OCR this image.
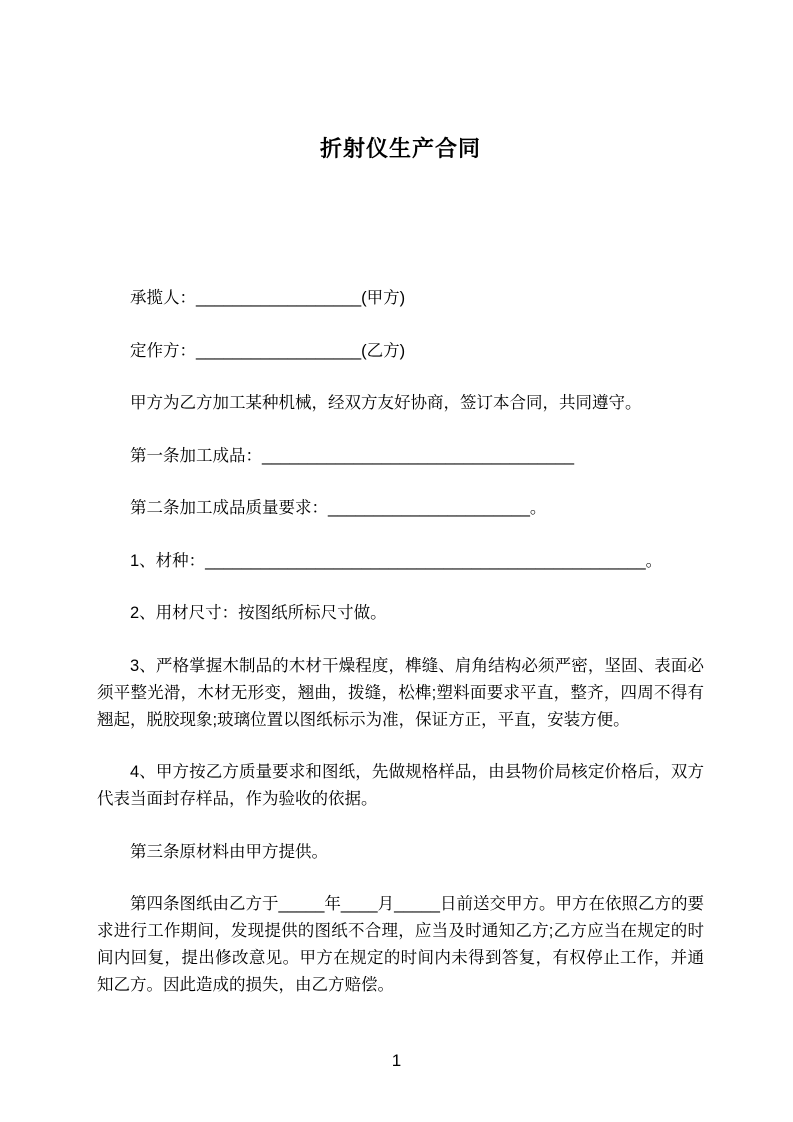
折射仪生产合同

承揽人：__________________(甲方)

定作方：__________________(乙方)

甲方为乙方加工某种机械，经双方友好协商，签订本合同，共同遵守。

第一条加工成品：__________________________________

第二条加工成品质量要求：______________________。

1、材种：________________________________________________。

2、用材尺寸：按图纸所标尺寸做。

3、严格掌握木制品的木材干燥程度，榫缝、肩角结构必须严密，坚固、表面必须平整光滑，木材无形变，翘曲，拨缝，松榫;塑料面要求平直，整齐，四周不得有翘起，脱胶现象;玻璃位置以图纸标示为准，保证方正，平直，安装方便。

4、甲方按乙方质量要求和图纸，先做规格样品，由县物价局核定价格后，双方代表当面封存样品，作为验收的依据。

第三条原材料由甲方提供。

第四条图纸由乙方于_____年____月_____日前送交甲方。甲方在依照乙方的要求进行工作期间，发现提供的图纸不合理，应当及时通知乙方;乙方应当在规定的时间内回复，提出修改意见。甲方在规定的时间内未得到答复，有权停止工作，并通知乙方。因此造成的损失，由乙方赔偿。

1
